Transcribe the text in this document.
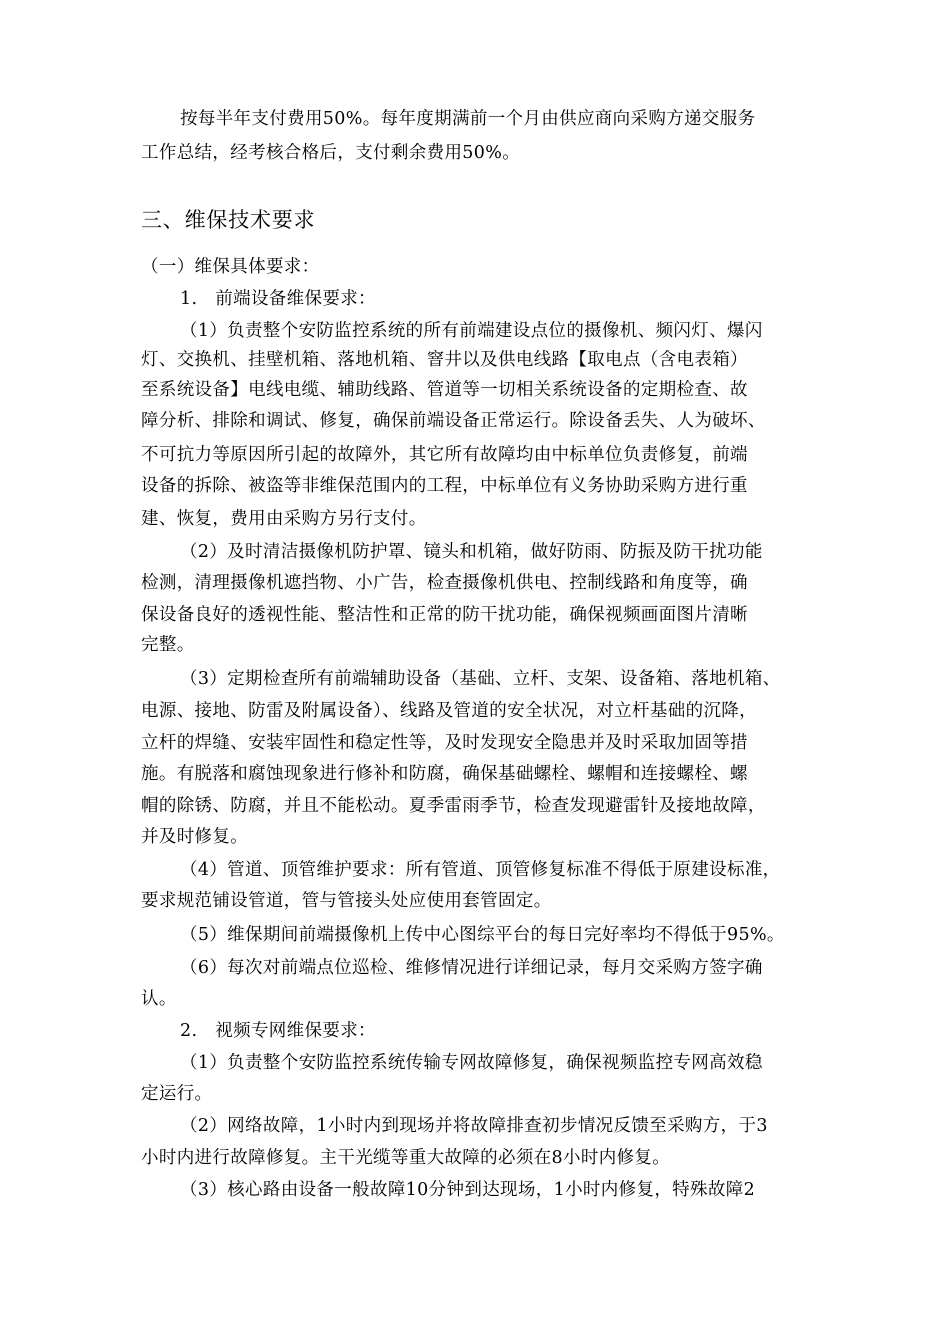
按每半年支付费用50%。每年度期满前一个月由供应商向采购方递交服务
工作总结，经考核合格后，支付剩余费用50%。
三、维保技术要求
（一）维保具体要求：
1.　前端设备维保要求：
（1）负责整个安防监控系统的所有前端建设点位的摄像机、频闪灯、爆闪
灯、交换机、挂壁机箱、落地机箱、窨井以及供电线路【取电点（含电表箱）
至系统设备】电线电缆、辅助线路、管道等一切相关系统设备的定期检查、故
障分析、排除和调试、修复，确保前端设备正常运行。除设备丢失、人为破坏、
不可抗力等原因所引起的故障外，其它所有故障均由中标单位负责修复，前端
设备的拆除、被盗等非维保范围内的工程，中标单位有义务协助采购方进行重
建、恢复，费用由采购方另行支付。
（2）及时清洁摄像机防护罩、镜头和机箱，做好防雨、防振及防干扰功能
检测，清理摄像机遮挡物、小广告，检查摄像机供电、控制线路和角度等，确
保设备良好的透视性能、整洁性和正常的防干扰功能，确保视频画面图片清晰
完整。
（3）定期检查所有前端辅助设备（基础、立杆、支架、设备箱、落地机箱、
电源、接地、防雷及附属设备）、线路及管道的安全状况，对立杆基础的沉降，
立杆的焊缝、安装牢固性和稳定性等，及时发现安全隐患并及时采取加固等措
施。有脱落和腐蚀现象进行修补和防腐，确保基础螺栓、螺帽和连接螺栓、螺
帽的除锈、防腐，并且不能松动。夏季雷雨季节，检查发现避雷针及接地故障，
并及时修复。
（4）管道、顶管维护要求：所有管道、顶管修复标准不得低于原建设标准，
要求规范铺设管道，管与管接头处应使用套管固定。
（5）维保期间前端摄像机上传中心图综平台的每日完好率均不得低于95%。
（6）每次对前端点位巡检、维修情况进行详细记录，每月交采购方签字确
认。
2.　视频专网维保要求：
（1）负责整个安防监控系统传输专网故障修复，确保视频监控专网高效稳
定运行。
（2）网络故障，1小时内到现场并将故障排查初步情况反馈至采购方，于3
小时内进行故障修复。主干光缆等重大故障的必须在8小时内修复。
（3）核心路由设备一般故障10分钟到达现场，1小时内修复，特殊故障2
